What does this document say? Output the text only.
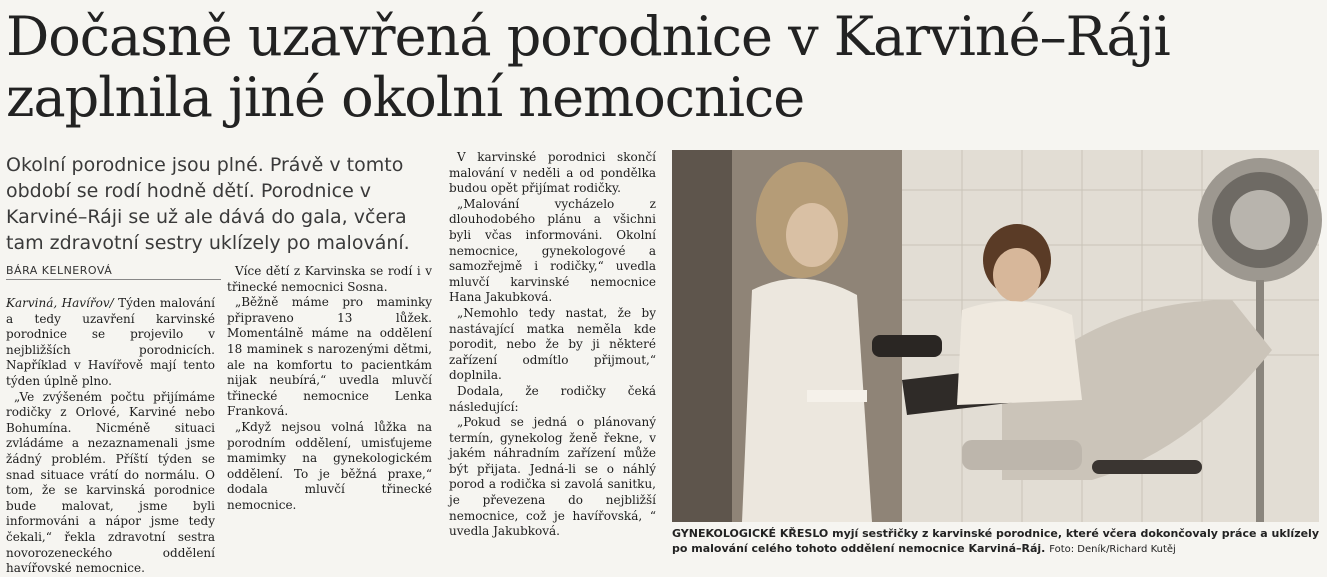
Dočasně uzavřená porodnice v Karviné–Ráji zaplnila jiné okolní nemocnice

Okolní porodnice jsou plné. Právě v tomto období se rodí hodně dětí. Porodnice v Karviné–Ráji se už ale dává do gala, včera tam zdravotní sestry uklízely po malování.

BÁRA KELNEROVÁ

Karviná, Havířov/ Týden malování a tedy uzavření karvinské porodnice se projevilo v nejbližších porodnicích. Například v Havířově mají tento týden úplně plno.

„Ve zvýšeném počtu přijímáme rodičky z Orlové, Karviné nebo Bohumína. Nicméně situaci zvládáme a nezaznamenali jsme žádný problém. Příští týden se snad situace vrátí do normálu. O tom, že se karvinská porodnice bude malovat, jsme byli informováni a nápor jsme tedy čekali,“ řekla zdravotní sestra novorozeneckého oddělení havířovské nemocnice.

Více dětí z Karvinska se rodí i v třinecké nemocnici Sosna.

„Běžně máme pro maminky připraveno 13 lůžek. Momentálně máme na oddělení 18 maminek s narozenými dětmi, ale na komfortu to pacientkám nijak neubírá,“ uvedla mluvčí třinecké nemocnice Lenka Franková.

„Když nejsou volná lůžka na porodním oddělení, umisťujeme mamimky na gynekologickém oddělení. To je běžná praxe,“ dodala mluvčí třinecké nemocnice.

V karvinské porodnici skončí malování v neděli a od pondělka budou opět přijímat rodičky.

„Malování vycházelo z dlouhodobého plánu a všichni byli včas informováni. Okolní nemocnice, gynekologové a samozřejmě i rodičky,“ uvedla mluvčí karvinské nemocnice Hana Jakubková.

„Nemohlo tedy nastat, že by nastávající matka neměla kde porodit, nebo že by ji některé zařízení odmítlo přijmout,“ doplnila.

Dodala, že rodičky čeká následující:

„Pokud se jedná o plánovaný termín, gynekolog ženě řekne, v jakém náhradním zařízení může být přijata. Jedná-li se o náhlý porod a rodička si zavolá sanitku, je převezena do nejbližší nemocnice, což je havířovská, “ uvedla Jakubková.	GYNEKOLOGICKÉ KŘESLO myjí sestřičky z karvinské porodnice, které včera dokončovaly práce a uklízely po malování celého tohoto oddělení nemocnice Karviná–Ráj. Foto: Deník/Richard Kutěj
